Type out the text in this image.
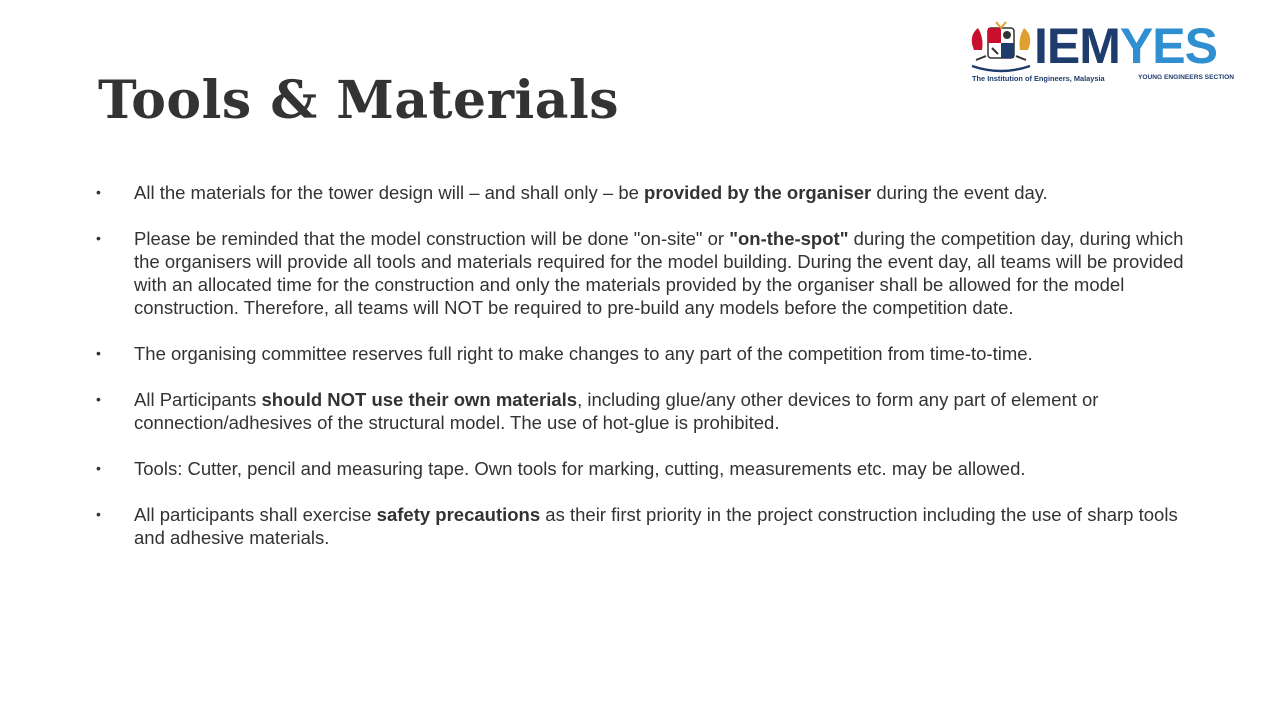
IEMYES
The Institution of Engineers, Malaysia	YOUNG ENGINEERS SECTION
Tools & Materials
•	All the materials for the tower design will – and shall only – be provided by the organiser during the event day.
•	Please be reminded that the model construction will be done "on-site" or "on-the-spot" during the competition day, during which the organisers will provide all tools and materials required for the model building. During the event day, all teams will be provided with an allocated time for the construction and only the materials provided by the organiser shall be allowed for the model construction. Therefore, all teams will NOT be required to pre-build any models before the competition date.
•	The organising committee reserves full right to make changes to any part of the competition from time-to-time.
•	All Participants should NOT use their own materials, including glue/any other devices to form any part of element or connection/adhesives of the structural model. The use of hot-glue is prohibited.
•	Tools: Cutter, pencil and measuring tape. Own tools for marking, cutting, measurements etc. may be allowed.
•	All participants shall exercise safety precautions as their first priority in the project construction including the use of sharp tools and adhesive materials.
